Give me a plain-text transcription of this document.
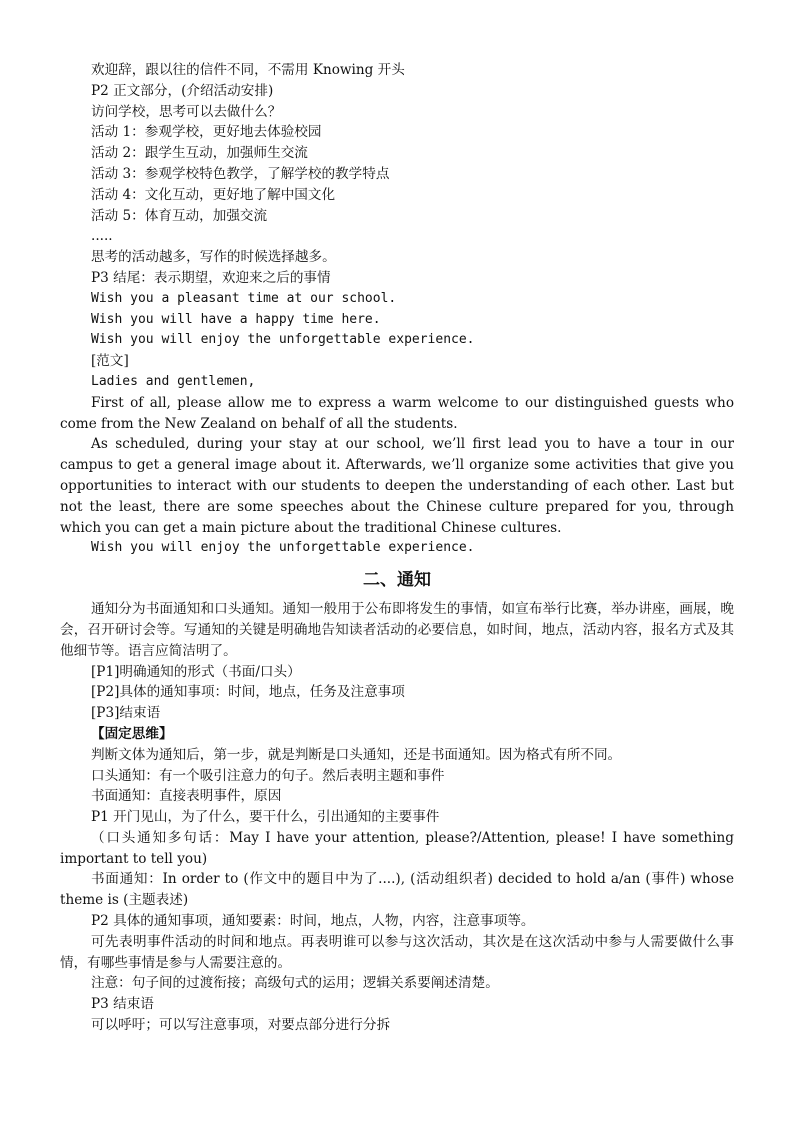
欢迎辞，跟以往的信件不同，不需用 Knowing 开头
P2 正文部分，(介绍活动安排)
访问学校，思考可以去做什么？
活动 1：参观学校，更好地去体验校园
活动 2：跟学生互动，加强师生交流
活动 3：参观学校特色教学，了解学校的教学特点
活动 4：文化互动，更好地了解中国文化
活动 5：体育互动，加强交流
.....
思考的活动越多，写作的时候选择越多。
P3 结尾：表示期望，欢迎来之后的事情
Wish you a pleasant time at our school.
Wish you will have a happy time here.
Wish you will enjoy the unforgettable experience.
[范文]
Ladies and gentlemen,
First of all, please allow me to express a warm welcome to our distinguished guests who come from the New Zealand on behalf of all the students.
As scheduled, during your stay at our school, we’ll first lead you to have a tour in our campus to get a general image about it. Afterwards, we’ll organize some activities that give you opportunities to interact with our students to deepen the understanding of each other. Last but not the least, there are some speeches about the Chinese culture prepared for you, through which you can get a main picture about the traditional Chinese cultures.
Wish you will enjoy the unforgettable experience.
二、通知
通知分为书面通知和口头通知。通知一般用于公布即将发生的事情，如宣布举行比赛，举办讲座，画展，晚会，召开研讨会等。写通知的关键是明确地告知读者活动的必要信息，如时间，地点，活动内容，报名方式及其他细节等。语言应简洁明了。
[P1]明确通知的形式（书面/口头）
[P2]具体的通知事项：时间，地点，任务及注意事项
[P3]结束语
【固定思维】
判断文体为通知后，第一步，就是判断是口头通知，还是书面通知。因为格式有所不同。
口头通知：有一个吸引注意力的句子。然后表明主题和事件
书面通知：直接表明事件，原因
P1 开门见山，为了什么，要干什么，引出通知的主要事件
（口头通知多句话：May I have your attention, please?/Attention, please! I have something important to tell you)
书面通知：In order to (作文中的题目中为了....), (活动组织者) decided to hold a/an (事件) whose theme is (主题表述)
P2 具体的通知事项，通知要素：时间，地点，人物，内容，注意事项等。
可先表明事件活动的时间和地点。再表明谁可以参与这次活动，其次是在这次活动中参与人需要做什么事情，有哪些事情是参与人需要注意的。
注意：句子间的过渡衔接；高级句式的运用；逻辑关系要阐述清楚。
P3 结束语
可以呼吁；可以写注意事项，对要点部分进行分拆
